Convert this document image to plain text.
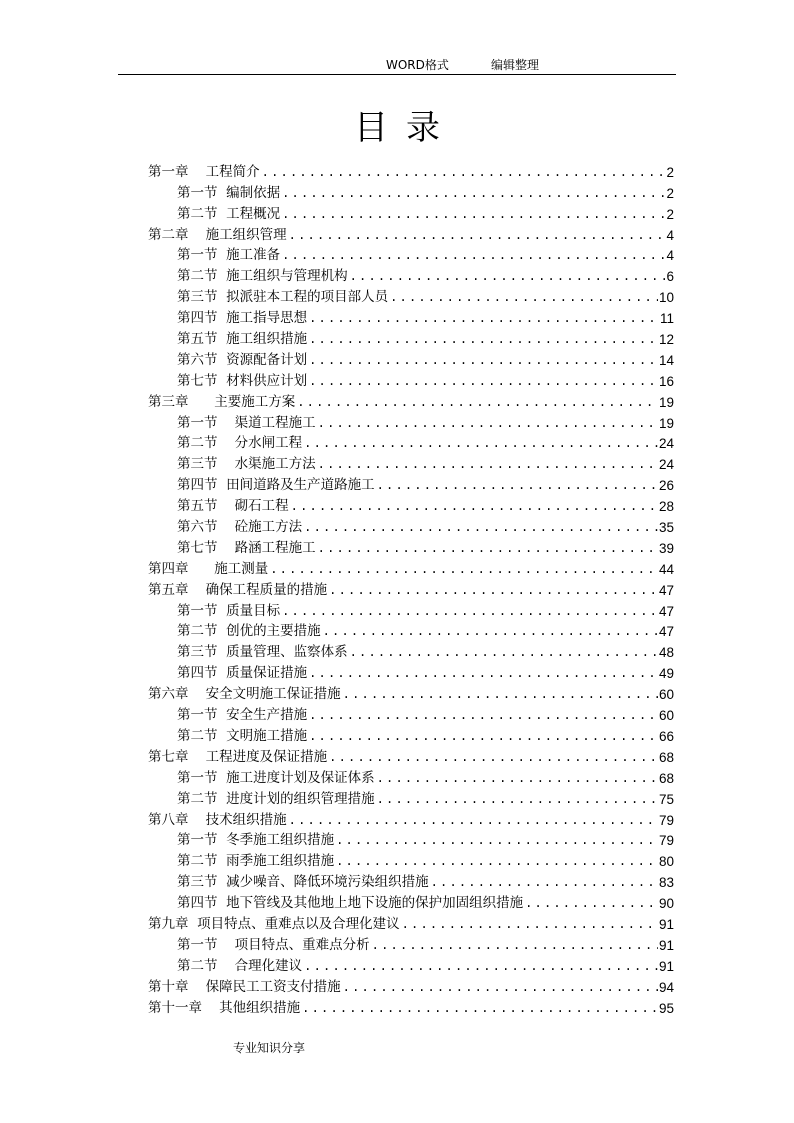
WORD格式	编辑整理
目录
第一章    工程简介 .....	2
第一节  编制依据 .....	2
第二节  工程概况 .....	2
第二章    施工组织管理 .....	4
第一节  施工准备 .....	4
第二节  施工组织与管理机构 .....	6
第三节  拟派驻本工程的项目部人员 .....	10
第四节  施工指导思想 .....	11
第五节  施工组织措施 .....	12
第六节  资源配备计划 .....	14
第七节  材料供应计划 .....	16
第三章      主要施工方案 .....	19
第一节    渠道工程施工 .....	19
第二节    分水闸工程 .....	24
第三节    水渠施工方法 .....	24
第四节  田间道路及生产道路施工 .....	26
第五节    砌石工程 .....	28
第六节    砼施工方法 .....	35
第七节    路涵工程施工 .....	39
第四章      施工测量 .....	44
第五章    确保工程质量的措施 .....	47
第一节  质量目标 .....	47
第二节  创优的主要措施 .....	47
第三节  质量管理、监察体系 .....	48
第四节  质量保证措施 .....	49
第六章    安全文明施工保证措施 .....	60
第一节  安全生产措施 .....	60
第二节  文明施工措施 .....	66
第七章    工程进度及保证措施 .....	68
第一节  施工进度计划及保证体系 .....	68
第二节  进度计划的组织管理措施 .....	75
第八章    技术组织措施 .....	79
第一节  冬季施工组织措施 .....	79
第二节  雨季施工组织措施 .....	80
第三节  减少噪音、降低环境污染组织措施 .....	83
第四节  地下管线及其他地上地下设施的保护加固组织措施 .....	90
第九章  项目特点、重难点以及合理化建议 .....	91
第一节    项目特点、重难点分析 .....	91
第二节    合理化建议 .....	91
第十章    保障民工工资支付措施 .....	94
第十一章    其他组织措施 .....	95
专业知识分享
